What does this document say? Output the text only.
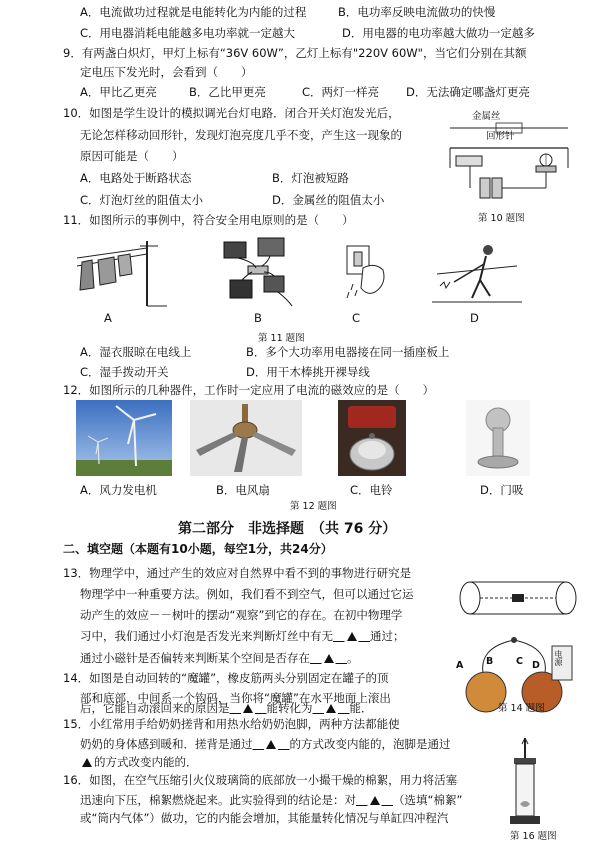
A．电流做功过程就是电能转化为内能的过程	B．电功率反映电流做功的快慢
C．用电器消耗电能越多电功率就一定越大	D．用电器的电功率越大做功一定越多
9．有两盏白炽灯，甲灯上标有“36V 60W”，乙灯上标有"220V 60W"，当它们分别在其额
定电压下发光时，会看到（　　）
A．甲比乙更亮	B．乙比甲更亮	C．两灯一样亮 D．无法确定哪盏灯更亮
10．如图是学生设计的模拟调光台灯电路．闭合开关灯泡发光后，
无论怎样移动回形针，发现灯泡亮度几乎不变，产生这一现象的
原因可能是（　　）
A．电路处于断路状态	B．灯泡被短路
C．灯泡灯丝的阻值太小	D．金属丝的阻值太小
金属丝
回形针
第 10 题图
11．如图所示的事例中，符合安全用电原则的是（　　）
A	B	C	D
第 11 题图
A．湿衣服晾在电线上	B．多个大功率用电器接在同一插座板上
C．湿手拨动开关	D．用干木棒挑开裸导线
12．如图所示的几种器件，工作时一定应用了电流的磁效应的是（　　）
A．风力发电机	B．电风扇	C．电铃	D．门吸
第 12 题图
第二部分　非选择题　（共 76 分）
二、填空题（本题有10小题，每空1分，共24分）
13．物理学中，通过产生的效应对自然界中看不到的事物进行研究是
物理学中一种重要方法。例如，我们看不到空气，但可以通过它运
动产生的效应－－树叶的摆动“观察”到它的存在。在初中物理学
习中，我们通过小灯泡是否发光来判断灯丝中有无  	通过；
通过小磁针是否偏转来判断某个空间是否存在  	。
14．如图是自动回转的“魔罐”，橡皮筋两头分别固定在罐子的顶
部和底部，中间系一个钩码，当你将“魔罐”在水平地面上滚出
后，它能自动滚回来的原因是  	能转化为  	能．
A B C D 电源
第 14 题图
15．小红常用手给奶奶搓背和用热水给奶奶泡脚，两种方法都能使
奶奶的身体感到暖和．搓背是通过  	的方式改变内能的，泡脚是通过
的方式改变内能的．
16．如图，在空气压缩引火仪玻璃筒的底部放一小撮干燥的棉絮，用力将活塞
迅速向下压，棉絮燃烧起来。此实验得到的结论是：对  	（选填“棉絮”
或“筒内气体”）做功，它的内能会增加，其能量转化情况与单缸四冲程汽
第 16 题图
